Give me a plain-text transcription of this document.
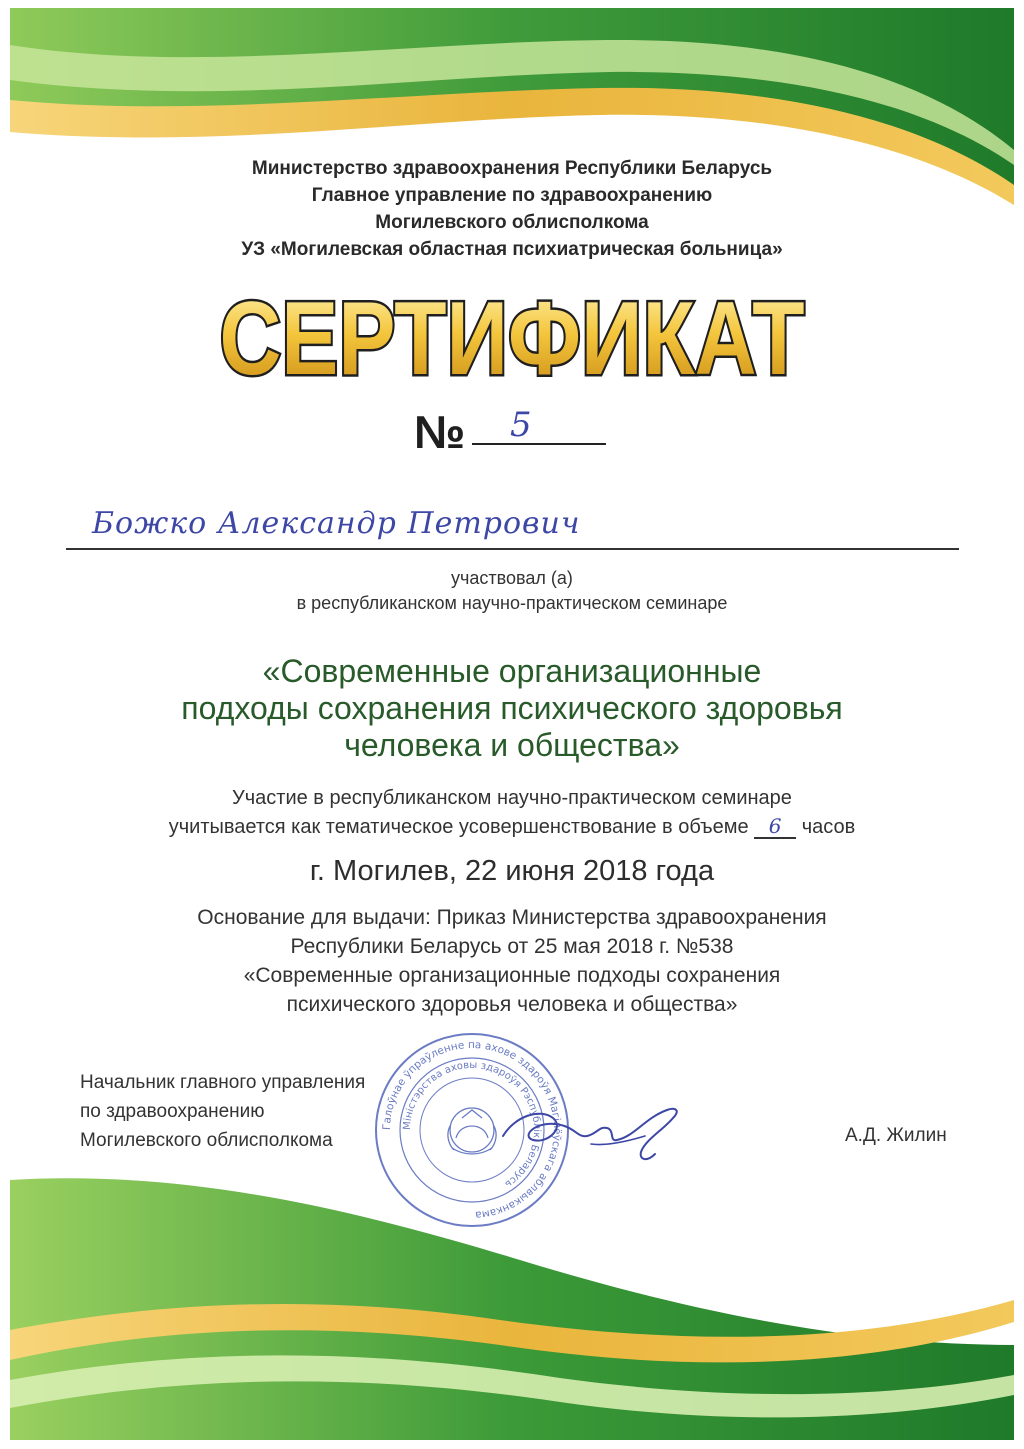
Министерство здравоохранения Республики Беларусь
Главное управление по здравоохранению
Могилевского облисполкома
УЗ «Могилевская областная психиатрическая больница»
СЕРТИФИКАТ
№ 5
Божко Александр Петрович
участвовал (а)
в республиканском научно-практическом семинаре
«Современные организационные
подходы сохранения психического здоровья
человека и общества»
Участие в республиканском научно-практическом семинаре
учитывается как тематическое усовершенствование в объеме 6 часов
г. Могилев, 22 июня 2018 года
Основание для выдачи: Приказ Министерства здравоохранения
Республики Беларусь от 25 мая 2018 г. №538
«Современные организационные подходы сохранения
психического здоровья человека и общества»
Начальник главного управления
по здравоохранению
Могилевского облисполкома
Галоўнае ўпраўленне па ахове здароўя Магілёўскага аблвыканкама
Міністэрства аховы здароўя Рэспублікі Беларусь
А.Д. Жилин
